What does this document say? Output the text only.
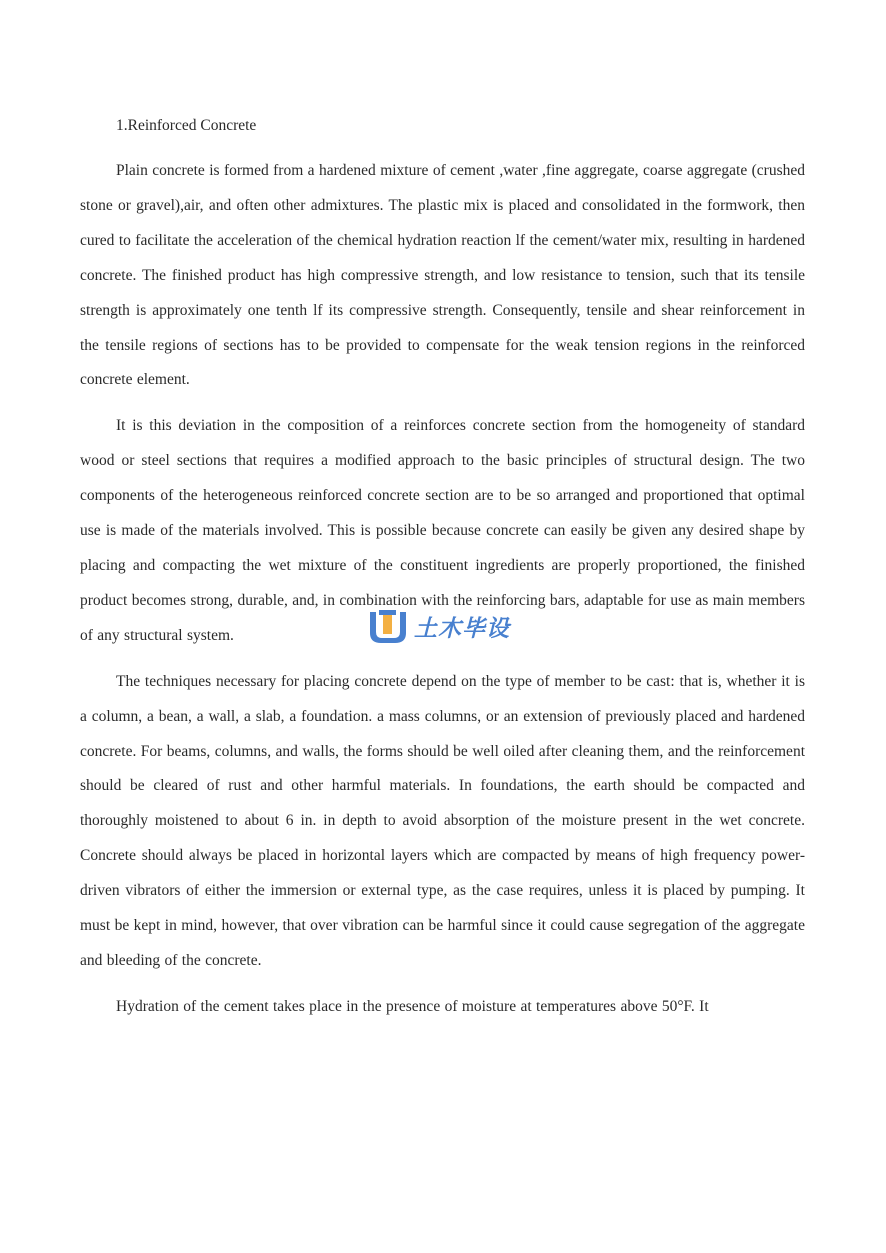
1.Reinforced Concrete

Plain concrete is formed from a hardened mixture of cement ,water ,fine aggregate, coarse aggregate (crushed stone or gravel),air, and often other admixtures. The plastic mix is placed and consolidated in the formwork, then cured to facilitate the acceleration of the chemical hydration reaction lf the cement/water mix, resulting in hardened concrete. The finished product has high compressive strength, and low resistance to tension, such that its tensile strength is approximately one tenth lf its compressive strength. Consequently, tensile and shear reinforcement in the tensile regions of sections has to be provided to compensate for the weak tension regions in the reinforced concrete element.

It is this deviation in the composition of a reinforces concrete section from the homogeneity of standard wood or steel sections that requires a modified approach to the basic principles of structural design. The two components of the heterogeneous reinforced concrete section are to be so arranged and proportioned that optimal use is made of the materials involved. This is possible because concrete can easily be given any desired shape by placing and compacting the wet mixture of the constituent ingredients are properly proportioned, the finished product becomes strong, durable, and, in combination with the reinforcing bars, adaptable for use as main members of any structural system.

The techniques necessary for placing concrete depend on the type of member to be cast: that is, whether it is a column, a bean, a wall, a slab, a foundation. a mass columns, or an extension of previously placed and hardened concrete. For beams, columns, and walls, the forms should be well oiled after cleaning them, and the reinforcement should be cleared of rust and other harmful materials. In foundations, the earth should be compacted and thoroughly moistened to about 6 in. in depth to avoid absorption of the moisture present in the wet concrete. Concrete should always be placed in horizontal layers which are compacted by means of high frequency power-driven vibrators of either the immersion or external type, as the case requires, unless it is placed by pumping. It must be kept in mind, however, that over vibration can be harmful since it could cause segregation of the aggregate and bleeding of the concrete.

Hydration of the cement takes place in the presence of moisture at temperatures above 50°F. It

土木毕设
